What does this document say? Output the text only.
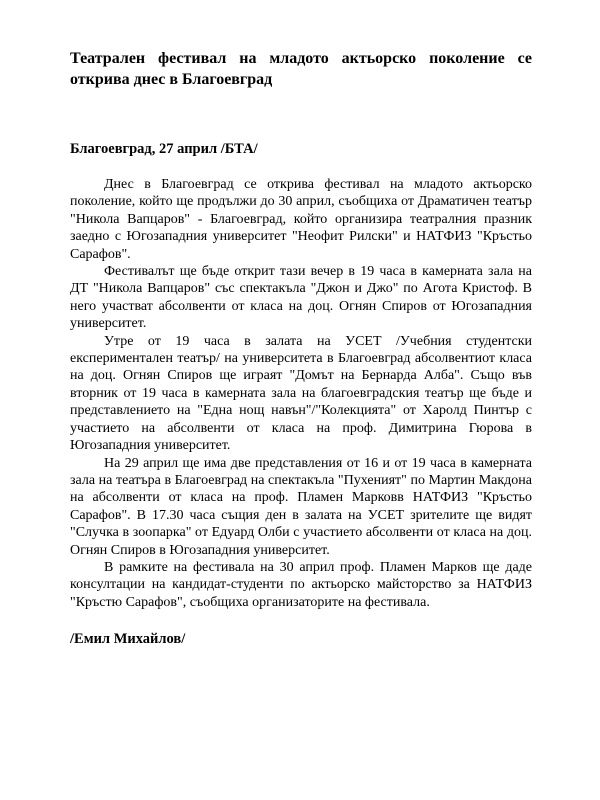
Театрален фестивал на младото актьорско поколение се открива днес в Благоевград

Благоевград, 27 април /БТА/

Днес в Благоевград се открива фестивал на младото актьорско поколение, който ще продължи до 30 април, съобщиха от Драматичен театър "Никола Вапцаров" - Благоевград, който организира театралния празник заедно с Югозападния университет "Неофит Рилски" и НАТФИЗ "Кръстьо Сарафов".

Фестивалът ще бъде открит тази вечер в 19 часа в камерната зала на ДТ "Никола Вапцаров" със спектакъла "Джон и Джо" по Агота Кристоф. В него участват абсолвенти от класа на доц. Огнян Спиров от Югозападния университет.

Утре от 19 часа в залата на УСЕТ /Учебния студентски експериментален театър/ на университета в Благоевград абсолвентиот класа на доц. Огнян Спиров ще играят "Домът на Бернарда Алба". Също във вторник от 19 часа в камерната зала на благоевградския театър ще бъде и представлението на "Една нощ навън"/"Колекцията" от Харолд Пинтър с участието на абсолвенти от класа на проф. Димитрина Гюрова в Югозападния университет.

На 29 април ще има две представления от 16 и от 19 часа в камерната зала на театъра в Благоевград на спектакъла "Пухеният" по Мартин Макдона на абсолвенти от класа на проф. Пламен Марковв НАТФИЗ "Кръстьо Сарафов". В 17.30 часа същия ден в залата на УСЕТ зрителите ще видят "Случка в зоопарка" от Едуард Олби с участието абсолвенти от класа на доц. Огнян Спиров в Югозападния университет.

В рамките на фестивала на 30 април проф. Пламен Марков ще даде консултации на кандидат-студенти по актьорско майсторство за НАТФИЗ "Кръстю Сарафов", съобщиха организаторите на фестивала.

/Емил Михайлов/
